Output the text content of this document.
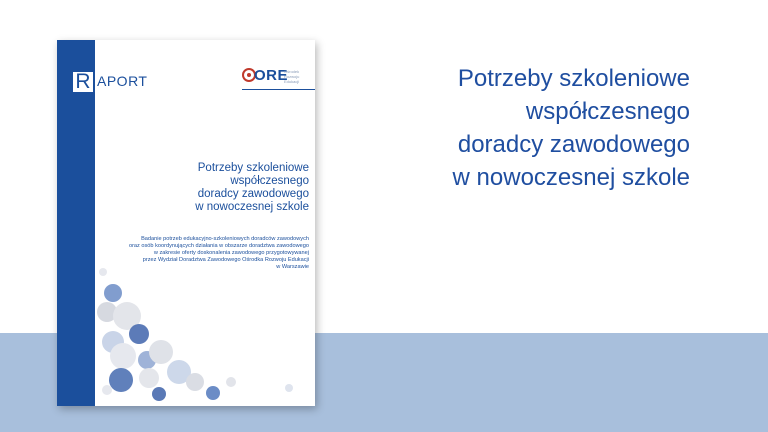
R APORT	ORE
Ośrodek Rozwoju Edukacji
Potrzeby szkoleniowe
współczesnego
doradcy zawodowego
w nowoczesnej szkole
Badanie potrzeb edukacyjno-szkoleniowych doradców zawodowych
oraz osób koordynujących działania w obszarze doradztwa zawodowego
w zakresie oferty doskonalenia zawodowego przygotowywanej
przez Wydział Doradztwa Zawodowego Ośrodka Rozwoju Edukacji
w Warszawie
Potrzeby szkoleniowe
współczesnego
doradcy zawodowego
w nowoczesnej szkole
